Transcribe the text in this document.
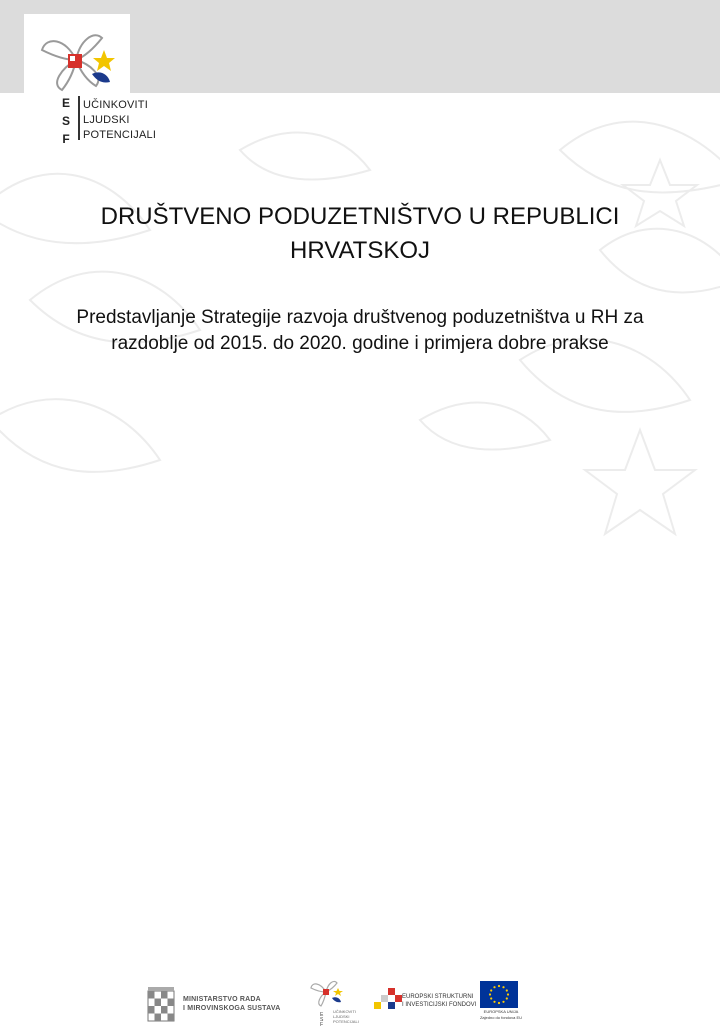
E
S
F
UČINKOVITI
LJUDSKI
POTENCIJALI
DRUŠTVENO PODUZETNIŠTVO U REPUBLICI HRVATSKOJ
Predstavljanje Strategije razvoja društvenog poduzetništva u RH za razdoblje od 2015. do 2020. godine i primjera dobre prakse
MINISTARSTVO RADA
I MIROVINSKOGA SUSTAVA
E
S
F
UČINKOVITI
LJUDSKI
POTENCIJALI
EUROPSKI STRUKTURNI
I INVESTICIJSKI FONDOVI
EUROPSKA UNIJA
Zajedno do fondova EU
